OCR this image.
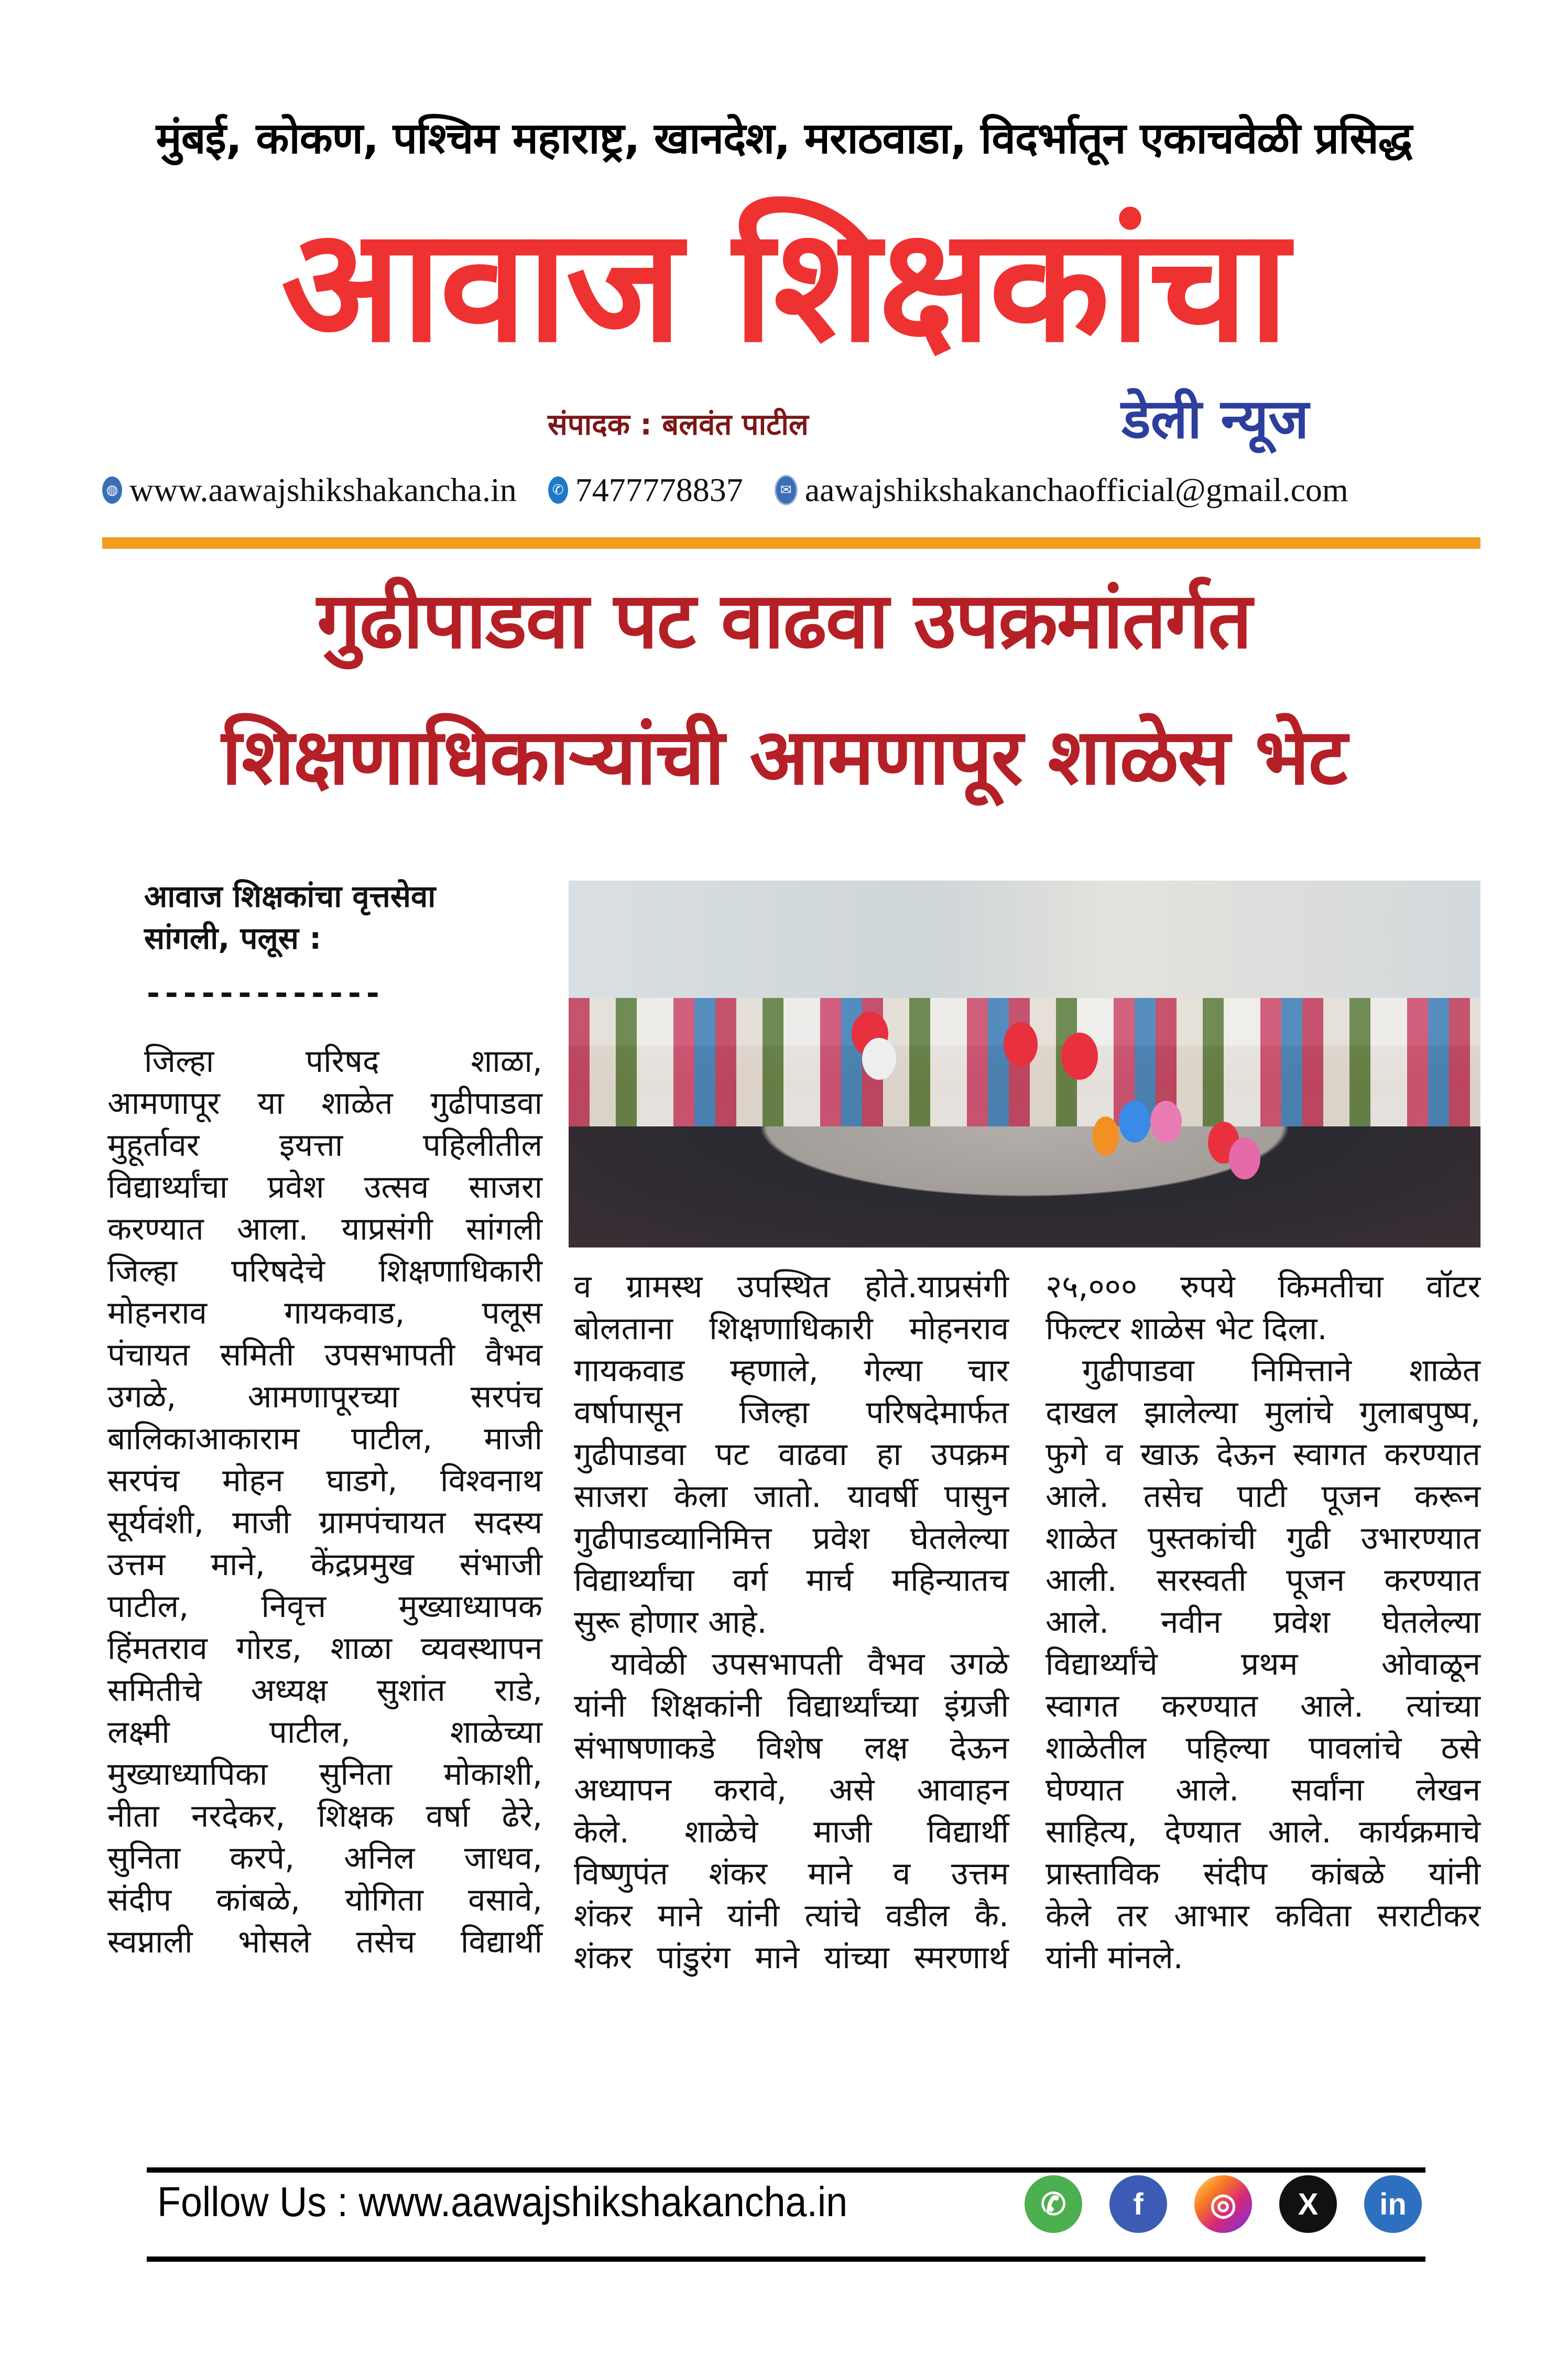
मुंबई, कोकण, पश्चिम महाराष्ट्र, खानदेश, मराठवाडा, विदर्भातून एकाचवेळी प्रसिद्ध
आवाज शिक्षकांचा
संपादक : बलवंत पाटील	डेली न्यूज
◍ www.aawajshikshakancha.in	✆ 7477778837	✉ aawajshikshakanchaofficial@gmail.com
गुढीपाडवा पट वाढवा उपक्रमांतर्गत
शिक्षणाधिकाऱ्यांची आमणापूर शाळेस भेट
आवाज शिक्षकांचा वृत्तसेवा
सांगली, पलूस :
-------------
जिल्हा परिषद शाळा,
आमणापूर या शाळेत गुढीपाडवा
मुहूर्तावर इयत्ता पहिलीतील
विद्यार्थ्यांचा प्रवेश उत्सव साजरा
करण्यात आला. याप्रसंगी सांगली
जिल्हा परिषदेचे शिक्षणाधिकारी
मोहनराव गायकवाड, पलूस
पंचायत समिती उपसभापती वैभव
उगळे, आमणापूरच्या सरपंच
बालिकाआकाराम पाटील, माजी
सरपंच मोहन घाडगे, विश्वनाथ
सूर्यवंशी, माजी ग्रामपंचायत सदस्य
उत्तम माने, केंद्रप्रमुख संभाजी
पाटील, निवृत्त मुख्याध्यापक
हिंमतराव गोरड, शाळा व्यवस्थापन
समितीचे अध्यक्ष सुशांत राडे,
लक्ष्मी पाटील, शाळेच्या
मुख्याध्यापिका सुनिता मोकाशी,
नीता नरदेकर, शिक्षक वर्षा ढेरे,
सुनिता करपे, अनिल जाधव,
संदीप कांबळे, योगिता वसावे,
स्वप्नाली भोसले तसेच विद्यार्थी
व ग्रामस्थ उपस्थित होते.याप्रसंगी
बोलताना शिक्षणाधिकारी मोहनराव
गायकवाड म्हणाले, गेल्या चार
वर्षापासून जिल्हा परिषदेमार्फत
गुढीपाडवा पट वाढवा हा उपक्रम
साजरा केला जातो. यावर्षी पासुन
गुढीपाडव्यानिमित्त प्रवेश घेतलेल्या
विद्यार्थ्यांचा वर्ग मार्च महिन्यातच
सुरू होणार आहे.
यावेळी उपसभापती वैभव उगळे
यांनी शिक्षकांनी विद्यार्थ्यांच्या इंग्रजी
संभाषणाकडे विशेष लक्ष देऊन
अध्यापन करावे, असे आवाहन
केले. शाळेचे माजी विद्यार्थी
विष्णुपंत शंकर माने व उत्तम
शंकर माने यांनी त्यांचे वडील कै.
शंकर पांडुरंग माने यांच्या स्मरणार्थ
२५,००० रुपये किमतीचा वॉटर
फिल्टर शाळेस भेट दिला.
गुढीपाडवा निमित्ताने शाळेत
दाखल झालेल्या मुलांचे गुलाबपुष्प,
फुगे व खाऊ देऊन स्वागत करण्यात
आले. तसेच पाटी पूजन करून
शाळेत पुस्तकांची गुढी उभारण्यात
आली. सरस्वती पूजन करण्यात
आले. नवीन प्रवेश घेतलेल्या
विद्यार्थ्यांचे प्रथम ओवाळून
स्वागत करण्यात आले. त्यांच्या
शाळेतील पहिल्या पावलांचे ठसे
घेण्यात आले. सर्वांना लेखन
साहित्य, देण्यात आले. कार्यक्रमाचे
प्रास्ताविक संदीप कांबळे यांनी
केले तर आभार कविता सराटीकर
यांनी मांनले.
Follow Us : www.aawajshikshakancha.in	✆	f	◎	X	in
